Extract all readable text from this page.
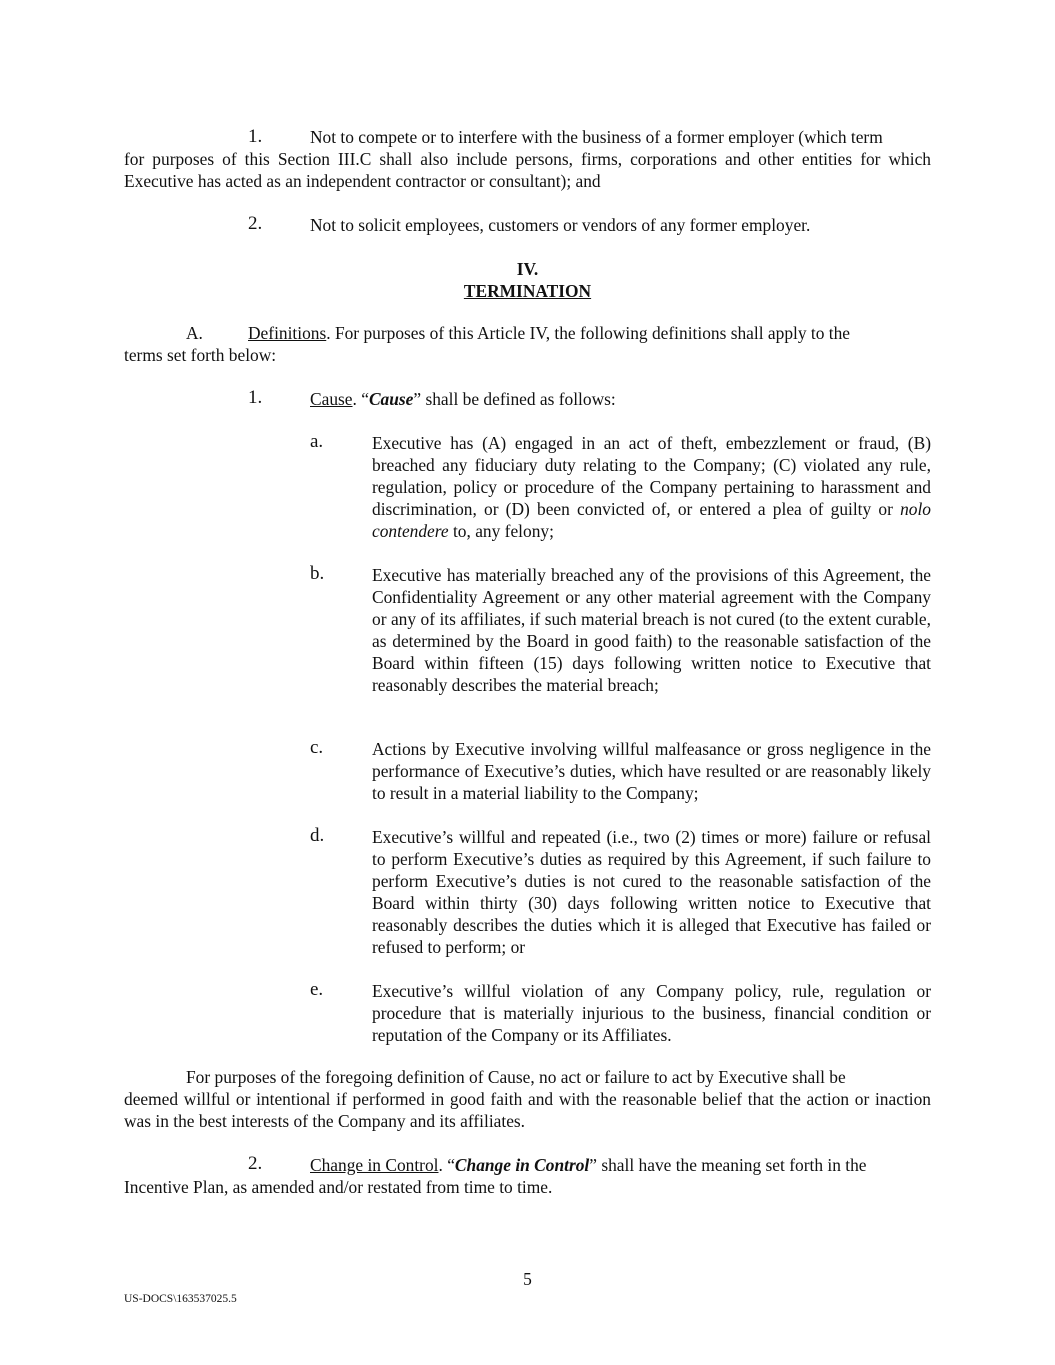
1.	Not to compete or to interfere with the business of a former employer (which term
for purposes of this Section III.C shall also include persons, firms, corporations and other entities for which Executive has acted as an independent contractor or consultant); and
2.	Not to solicit employees, customers or vendors of any former employer.
IV.
TERMINATION
A.	Definitions. For purposes of this Article IV, the following definitions shall apply to the
terms set forth below:
1.	Cause. “Cause” shall be defined as follows:
a.	Executive has (A) engaged in an act of theft, embezzlement or fraud, (B) breached any fiduciary duty relating to the Company; (C) violated any rule, regulation, policy or procedure of the Company pertaining to harassment and discrimination, or (D) been convicted of, or entered a plea of guilty or nolo contendere to, any felony;
b.	Executive has materially breached any of the provisions of this Agreement, the Confidentiality Agreement or any other material agreement with the Company or any of its affiliates, if such material breach is not cured (to the extent curable, as determined by the Board in good faith) to the reasonable satisfaction of the Board within fifteen (15) days following written notice to Executive that reasonably describes the material breach;
c.	Actions by Executive involving willful malfeasance or gross negligence in the performance of Executive’s duties, which have resulted or are reasonably likely to result in a material liability to the Company;
d.	Executive’s willful and repeated (i.e., two (2) times or more) failure or refusal to perform Executive’s duties as required by this Agreement, if such failure to perform Executive’s duties is not cured to the reasonable satisfaction of the Board within thirty (30) days following written notice to Executive that reasonably describes the duties which it is alleged that Executive has failed or refused to perform; or
e.	Executive’s willful violation of any Company policy, rule, regulation or procedure that is materially injurious to the business, financial condition or reputation of the Company or its Affiliates.
For purposes of the foregoing definition of Cause, no act or failure to act by Executive shall be
deemed willful or intentional if performed in good faith and with the reasonable belief that the action or inaction was in the best interests of the Company and its affiliates.
2.	Change in Control. “Change in Control” shall have the meaning set forth in the
Incentive Plan, as amended and/or restated from time to time.
5
US-DOCS\163537025.5
